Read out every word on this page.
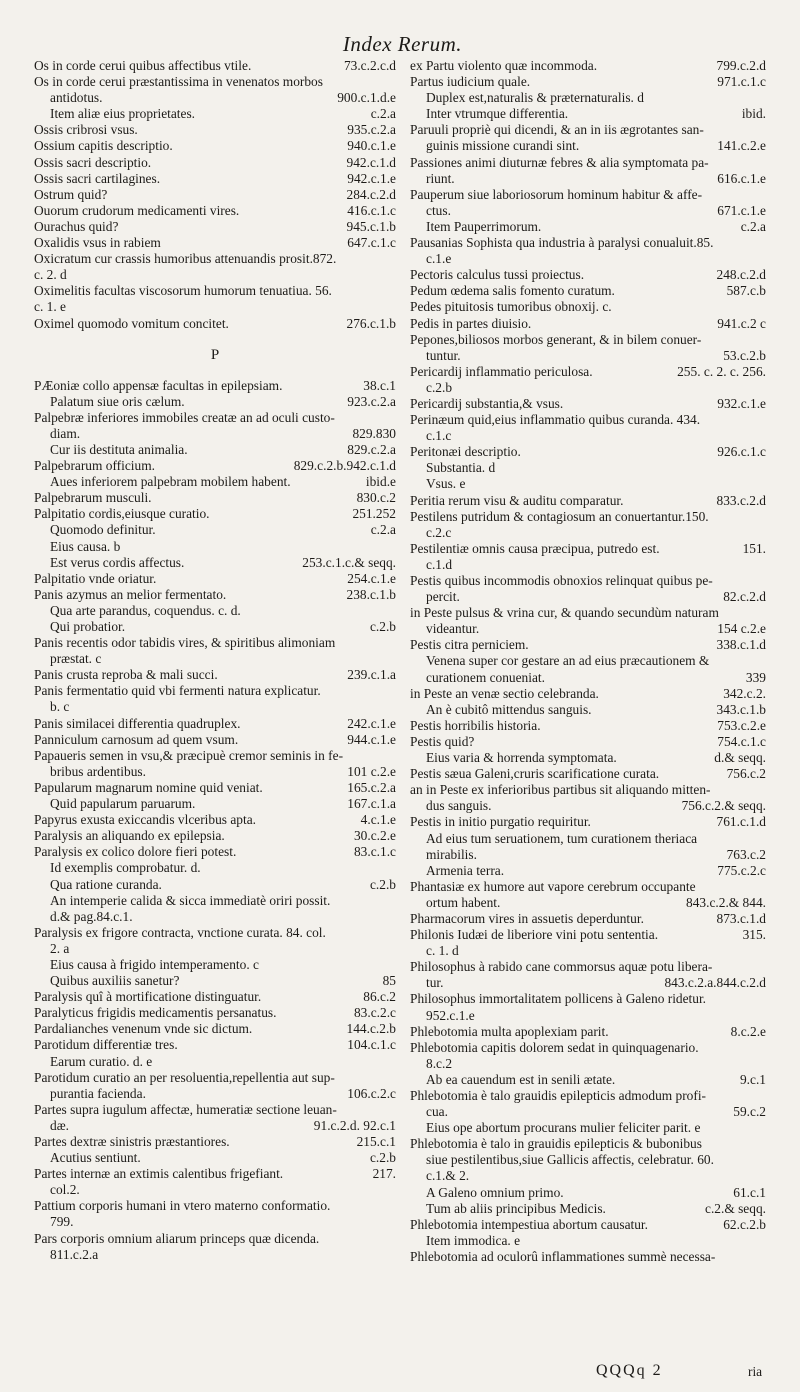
Index Rerum.
Os in corde cerui quibus affectibus vtile.	73.c.2.c.d
Os in corde cerui præstantissima in venenatos morbos
antidotus.	900.c.1.d.e
Item aliæ eius proprietates.	c.2.a
Ossis cribrosi vsus.	935.c.2.a
Ossium capitis descriptio.	940.c.1.e
Ossis sacri descriptio.	942.c.1.d
Ossis sacri cartilagines.	942.c.1.e
Ostrum quid?	284.c.2.d
Ouorum crudorum medicamenti vires.	416.c.1.c
Ourachus quid?	945.c.1.b
Oxalidis vsus in rabiem	647.c.1.c
Oxicratum cur crassis humoribus attenuandis prosit.872.
c. 2. d
Oximelitis facultas viscosorum humorum tenuatiua. 56.
c. 1. e
Oximel quomodo vomitum concitet.	276.c.1.b
P
PÆoniæ collo appensæ facultas in epilepsiam.	38.c.1
Palatum siue oris cælum.	923.c.2.a
Palpebræ inferiores immobiles creatæ an ad oculi custo-
diam.	829.830
Cur iis destituta animalia.	829.c.2.a
Palpebrarum officium.	829.c.2.b.942.c.1.d
Aues inferiorem palpebram mobilem habent.	ibid.e
Palpebrarum musculi.	830.c.2
Palpitatio cordis,eiusque curatio.	251.252
Quomodo definitur.	c.2.a
Eius causa. b
Est verus cordis affectus.	253.c.1.c.& seqq.
Palpitatio vnde oriatur.	254.c.1.e
Panis azymus an melior fermentato.	238.c.1.b
Qua arte parandus, coquendus. c. d.
Qui probatior.	c.2.b
Panis recentis odor tabidis vires, & spiritibus alimoniam
præstat. c
Panis crusta reproba & mali succi.	239.c.1.a
Panis fermentatio quid vbi fermenti natura explicatur.
b. c
Panis similacei differentia quadruplex.	242.c.1.e
Panniculum carnosum ad quem vsum.	944.c.1.e
Papaueris semen in vsu,& præcipuè cremor seminis in fe-
bribus ardentibus.	101 c.2.e
Papularum magnarum nomine quid veniat.	165.c.2.a
Quid papularum paruarum.	167.c.1.a
Papyrus exusta exiccandis vlceribus apta.	4.c.1.e
Paralysis an aliquando ex epilepsia.	30.c.2.e
Paralysis ex colico dolore fieri potest.	83.c.1.c
Id exemplis comprobatur. d.
Qua ratione curanda.	c.2.b
An intemperie calida & sicca immediatè oriri possit.
d.& pag.84.c.1.
Paralysis ex frigore contracta, vnctione curata. 84. col.
2. a
Eius causa à frigido intemperamento. c
Quibus auxiliis sanetur?	85
Paralysis quî à mortificatione distinguatur.	86.c.2
Paralyticus frigidis medicamentis persanatus.	83.c.2.c
Pardalianches venenum vnde sic dictum.	144.c.2.b
Parotidum differentiæ tres.	104.c.1.c
Earum curatio. d. e
Parotidum curatio an per resoluentia,repellentia aut sup-
purantia facienda.	106.c.2.c
Partes supra iugulum affectæ, humeratiæ sectione leuan-
dæ.	91.c.2.d. 92.c.1
Partes dextræ sinistris præstantiores.	215.c.1
Acutius sentiunt.	c.2.b
Partes internæ an extimis calentibus frigefiant.	217.
col.2.
Pattium corporis humani in vtero materno conformatio.
799.
Pars corporis omnium aliarum princeps quæ dicenda.
811.c.2.a
ex Partu violento quæ incommoda.	799.c.2.d
Partus iudicium quale.	971.c.1.c
Duplex est,naturalis & præternaturalis. d
Inter vtrumque differentia.	ibid.
Paruuli propriè qui dicendi, & an in iis ægrotantes san-
guinis missione curandi sint.	141.c.2.e
Passiones animi diuturnæ febres & alia symptomata pa-
riunt.	616.c.1.e
Pauperum siue laboriosorum hominum habitur & affe-
ctus.	671.c.1.e
Item Pauperrimorum.	c.2.a
Pausanias Sophista qua industria à paralysi conualuit.85.
c.1.e
Pectoris calculus tussi proiectus.	248.c.2.d
Pedum œdema salis fomento curatum.	587.c.b
Pedes pituitosis tumoribus obnoxij. c.
Pedis in partes diuisio.	941.c.2 c
Pepones,biliosos morbos generant, & in bilem conuer-
tuntur.	53.c.2.b
Pericardij inflammatio periculosa.	255. c. 2. c. 256.
c.2.b
Pericardij substantia,& vsus.	932.c.1.e
Perinæum quid,eius inflammatio quibus curanda. 434.
c.1.c
Peritonæi descriptio.	926.c.1.c
Substantia. d
Vsus. e
Peritia rerum visu & auditu comparatur.	833.c.2.d
Pestilens putridum & contagiosum an conuertantur.150.
c.2.c
Pestilentiæ omnis causa præcipua, putredo est.	151.
c.1.d
Pestis quibus incommodis obnoxios relinquat quibus pe-
percit.	82.c.2.d
in Peste pulsus & vrina cur, & quando secundùm naturam
videantur.	154 c.2.e
Pestis citra perniciem.	338.c.1.d
Venena super cor gestare an ad eius præcautionem &
curationem conueniat.	339
in Peste an venæ sectio celebranda.	342.c.2.
An è cubitô mittendus sanguis.	343.c.1.b
Pestis horribilis historia.	753.c.2.e
Pestis quid?	754.c.1.c
Eius varia & horrenda symptomata.	d.& seqq.
Pestis sæua Galeni,cruris scarificatione curata.	756.c.2
an in Peste ex inferioribus partibus sit aliquando mitten-
dus sanguis.	756.c.2.& seqq.
Pestis in initio purgatio requiritur.	761.c.1.d
Ad eius tum seruationem, tum curationem theriaca
mirabilis.	763.c.2
Armenia terra.	775.c.2.c
Phantasiæ ex humore aut vapore cerebrum occupante
ortum habent.	843.c.2.& 844.
Pharmacorum vires in assuetis deperduntur.	873.c.1.d
Philonis Iudæi de liberiore vini potu sententia.	315.
c. 1. d
Philosophus à rabido cane commorsus aquæ potu libera-
tur.	843.c.2.a.844.c.2.d
Philosophus immortalitatem pollicens à Galeno ridetur.
952.c.1.e
Phlebotomia multa apoplexiam parit.	8.c.2.e
Phlebotomia capitis dolorem sedat in quinquagenario.
8.c.2
Ab ea cauendum est in senili ætate.	9.c.1
Phlebotomia è talo grauidis epilepticis admodum profi-
cua.	59.c.2
Eius ope abortum procurans mulier feliciter parit. e
Phlebotomia è talo in grauidis epilepticis & bubonibus
siue pestilentibus,siue Gallicis affectis, celebratur. 60.
c.1.& 2.
A Galeno omnium primo.	61.c.1
Tum ab aliis principibus Medicis.	c.2.& seqq.
Phlebotomia intempestiua abortum causatur.	62.c.2.b
Item immodica. e
Phlebotomia ad oculorû inflammationes summè necessa-
QQQq 2	ria
